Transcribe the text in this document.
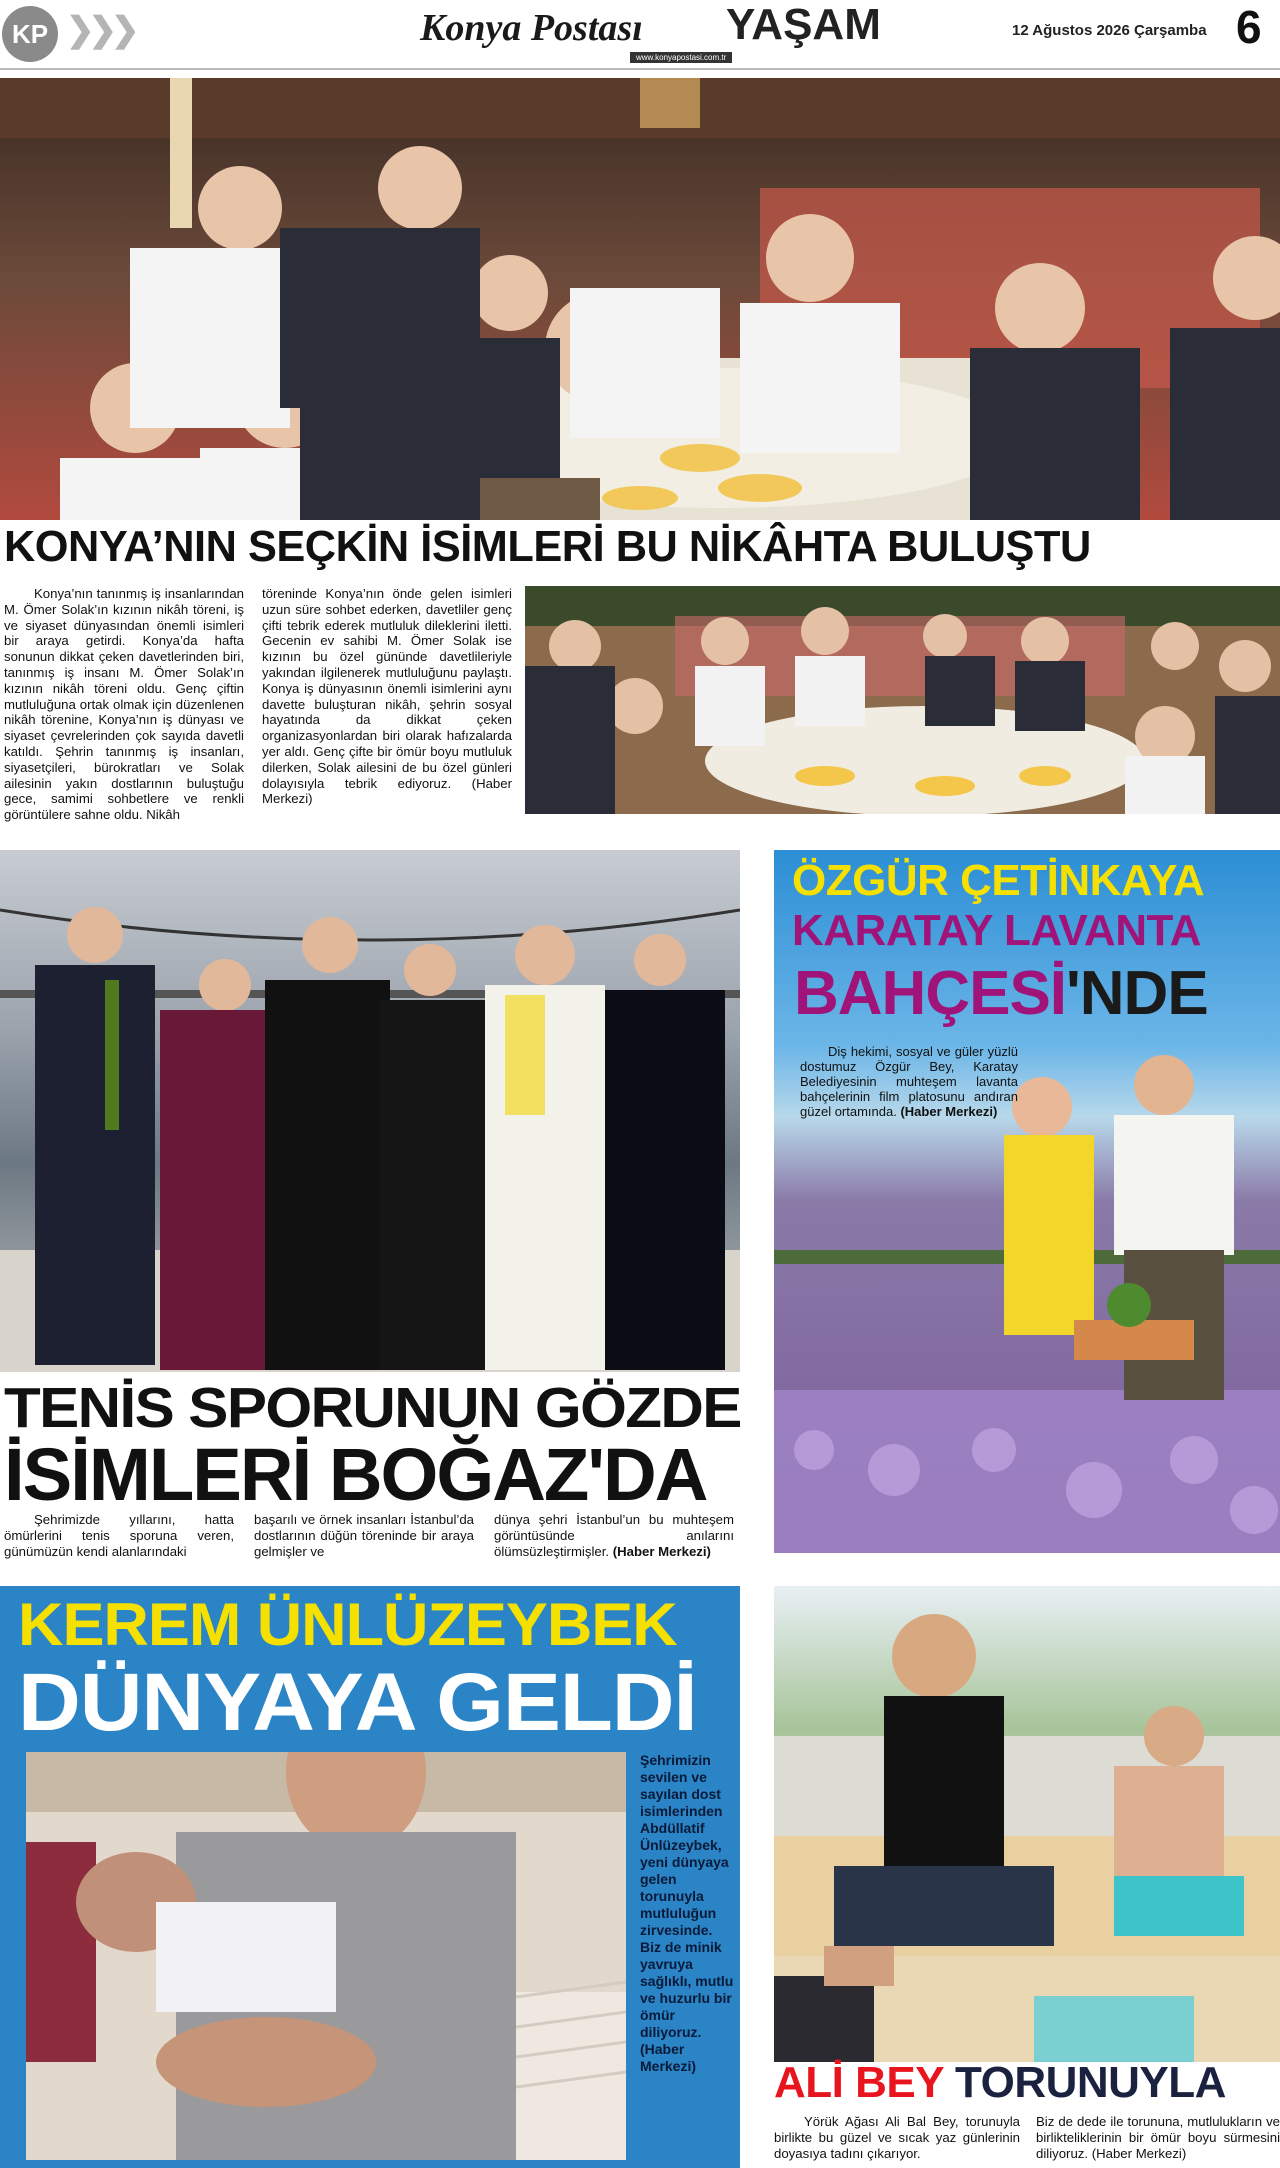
KP ❯❯❯	Konya Postası YAŞAM
www.konyapostasi.com.tr
12 Ağustos 2026 Çarşamba 6
KONYA’NIN SEÇKİN İSİMLERİ BU NİKÂHTA BULUŞTU
Konya’nın tanınmış iş insanlarından M. Ömer Solak’ın kızının nikâh töreni, iş ve siyaset dünyasından önemli isimleri bir araya getirdi. Konya’da hafta sonunun dikkat çeken davetlerinden biri, tanınmış iş insanı M. Ömer Solak’ın kızının nikâh töreni oldu. Genç çiftin mutluluğuna ortak olmak için düzenlenen nikâh törenine, Konya’nın iş dünyası ve siyaset çevrelerinden çok sayıda davetli katıldı. Şehrin tanınmış iş insanları, siyasetçileri, bürokratları ve Solak ailesinin yakın dostlarının buluştuğu gece, samimi sohbetlere ve renkli görüntülere sahne oldu. Nikâh
töreninde Konya’nın önde gelen isimleri uzun süre sohbet ederken, davetliler genç çifti tebrik ederek mutluluk dileklerini iletti. Gecenin ev sahibi M. Ömer Solak ise kızının bu özel gününde davetlileriyle yakından ilgilenerek mutluluğunu paylaştı. Konya iş dünyasının önemli isimlerini aynı davette buluşturan nikâh, şehrin sosyal hayatında da dikkat çeken organizasyonlardan biri olarak hafızalarda yer aldı. Genç çifte bir ömür boyu mutluluk dilerken, Solak ailesini de bu özel günleri dolayısıyla tebrik ediyoruz. (Haber Merkezi)
TENİS SPORUNUN GÖZDE
İSİMLERİ BOĞAZ'DA
Şehrimizde yıllarını, hatta ömürlerini tenis sporuna veren, günümüzün kendi alanlarındaki
başarılı ve örnek insanları İstanbul’da dostlarının düğün töreninde bir araya gelmişler ve
dünya şehri İstanbul’un bu muhteşem görüntüsünde anılarını ölümsüzleştirmişler. (Haber Merkezi)
ÖZGÜR ÇETİNKAYA
KARATAY LAVANTA
BAHÇESİ'NDE
Diş hekimi, sosyal ve güler yüzlü dostumuz Özgür Bey, Karatay Belediyesinin muhteşem lavanta bahçelerinin film platosunu andıran güzel ortamında. (Haber Merkezi)
KEREM ÜNLÜZEYBEK
DÜNYAYA GELDİ
Şehrimizin sevilen ve sayılan dost isimlerinden Abdüllatif Ünlüzeybek, yeni dünyaya gelen torunuyla mutluluğun zirvesinde. Biz de minik yavruya sağlıklı, mutlu ve huzurlu bir ömür diliyoruz. (Haber Merkezi)	ALİ BEY TORUNUYLA
Yörük Ağası Ali Bal Bey, torunuyla birlikte bu güzel ve sıcak yaz günlerinin doyasıya tadını çıkarıyor.
Biz de dede ile torununa, mutlulukların ve birlikteliklerinin bir ömür boyu sürmesini diliyoruz. (Haber Merkezi)
